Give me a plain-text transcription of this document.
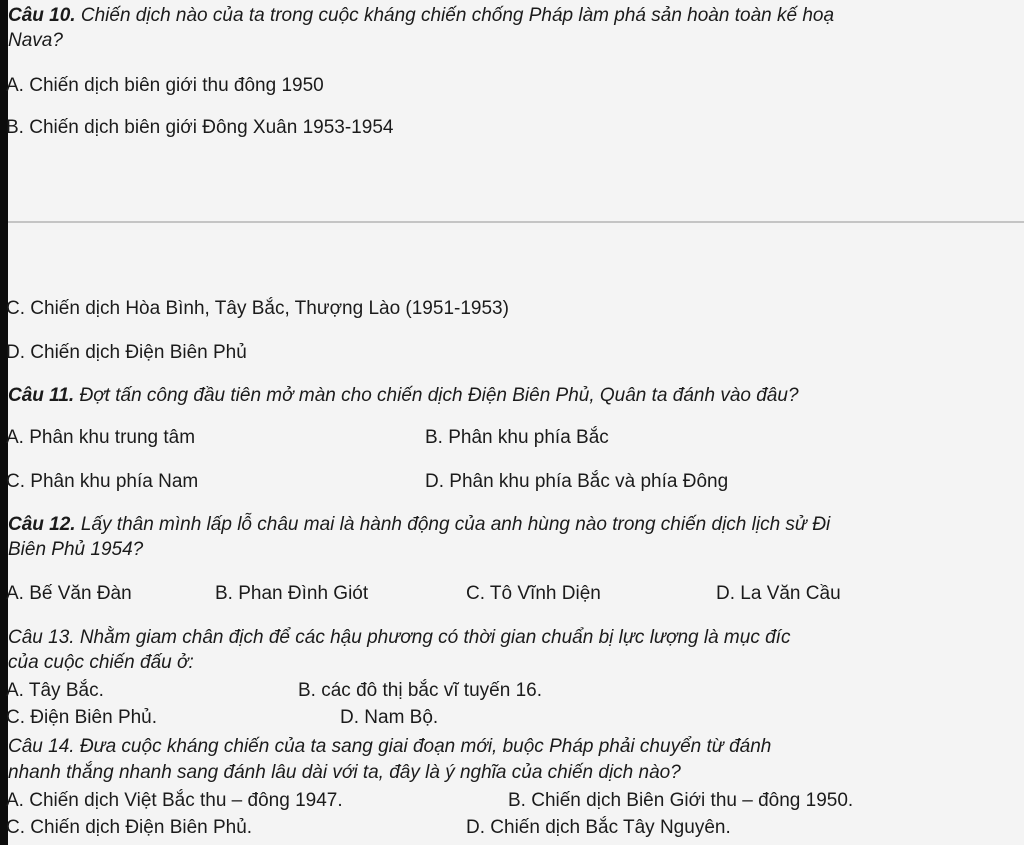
Câu 10. Chiến dịch nào của ta trong cuộc kháng chiến chống Pháp làm phá sản hoàn toàn kế hoạ
Nava?
A. Chiến dịch biên giới thu đông 1950
B. Chiến dịch biên giới Đông Xuân 1953-1954
C. Chiến dịch Hòa Bình, Tây Bắc, Thượng Lào (1951-1953)
D. Chiến dịch Điện Biên Phủ
Câu 11. Đợt tấn công đầu tiên mở màn cho chiến dịch Điện Biên Phủ, Quân ta đánh vào đâu?
A. Phân khu trung tâm	B. Phân khu phía Bắc
C. Phân khu phía Nam	D. Phân khu phía Bắc và phía Đông
Câu 12. Lấy thân mình lấp lỗ châu mai là hành động của anh hùng nào trong chiến dịch lịch sử Đi
Biên Phủ 1954?
A. Bế Văn Đàn	B. Phan Đình Giót	C. Tô Vĩnh Diện	D. La Văn Cầu
Câu 13. Nhằm giam chân địch để các hậu phương có thời gian chuẩn bị lực lượng là mục đíc
của cuộc chiến đấu ở:
A. Tây Bắc.	B. các đô thị bắc vĩ tuyến 16.
C. Điện Biên Phủ.	D. Nam Bộ.
Câu 14. Đưa cuộc kháng chiến của ta sang giai đoạn mới, buộc Pháp phải chuyển từ đánh
nhanh thắng nhanh sang đánh lâu dài với ta, đây là ý nghĩa của chiến dịch nào?
A. Chiến dịch Việt Bắc thu – đông 1947.	B. Chiến dịch Biên Giới thu – đông 1950.
C. Chiến dịch Điện Biên Phủ.	D. Chiến dịch Bắc Tây Nguyên.
